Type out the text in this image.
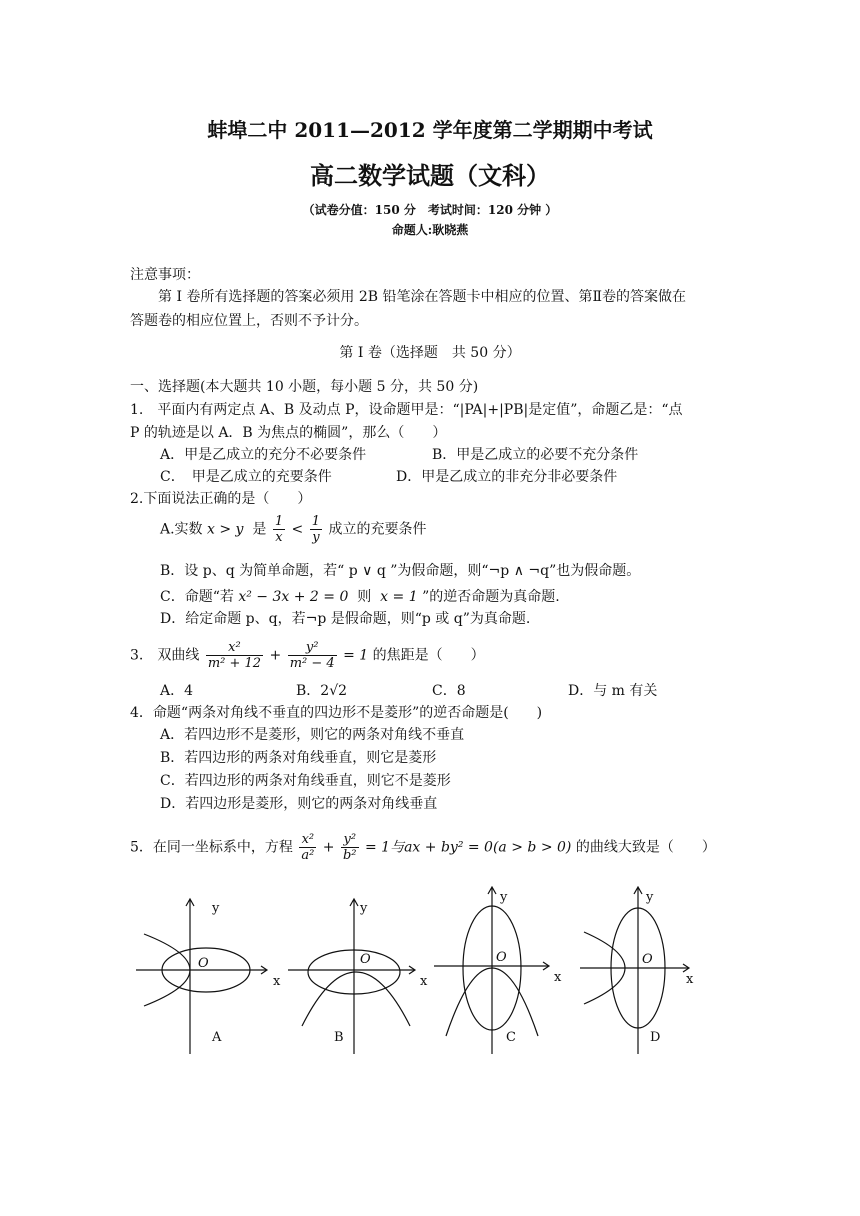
蚌埠二中 2011—2012 学年度第二学期期中考试
高二数学试题（文科）
（试卷分值：150 分　考试时间：120 分钟 ）
命题人:耿晓燕
注意事项：
第 I 卷所有选择题的答案必须用 2B 铅笔涂在答题卡中相应的位置、第Ⅱ卷的答案做在
答题卷的相应位置上，否则不予计分。
第 I 卷（选择题　共 50 分）
一、选择题(本大题共 10 小题，每小题 5 分，共 50 分)
1.　平面内有两定点 A、B 及动点 P，设命题甲是：“|PA|+|PB|是定值”，命题乙是：“点
P 的轨迹是以 A．B 为焦点的椭圆”，那么（　　）
A．甲是乙成立的充分不必要条件	B．甲是乙成立的必要不充分条件
C．　甲是乙成立的充要条件	D．甲是乙成立的非充分非必要条件
2.下面说法正确的是（　　）
A.实数 x > y 是 $\frac{1}{x} < \frac{1}{y}$ 成立的充要条件
B．设 p、q 为简单命题，若“ p ∨ q ”为假命题，则“¬p ∧ ¬q”也为假命题。
C．命题“若 x² − 3x + 2 = 0 则 x = 1 ”的逆否命题为真命题.
D．给定命题 p、q，若¬p 是假命题，则“p 或 q”为真命题.
3.　双曲线 $\frac{\text{x²}}{\text{m² + 12}} + \frac{\text{y²}}{\text{m² − 4}} = 1$ 的焦距是（　　）
A．4	B．2√2	C．8	D．与 m 有关
4．命题“两条对角线不垂直的四边形不是菱形”的逆否命题是(　　)
A．若四边形不是菱形，则它的两条对角线不垂直
B．若四边形的两条对角线垂直，则它是菱形
C．若四边形的两条对角线垂直，则它不是菱形
D．若四边形是菱形，则它的两条对角线垂直
5．在同一坐标系中，方程 $\frac{\text{x²}}{\text{a²}} + \frac{\text{y²}}{\text{b²}} = 1$与ax + by² = 0(a > b > 0) 的曲线大致是（　　）
y
O
x
A
y
O
x
B
y
O
x
C
y
O
x
D
